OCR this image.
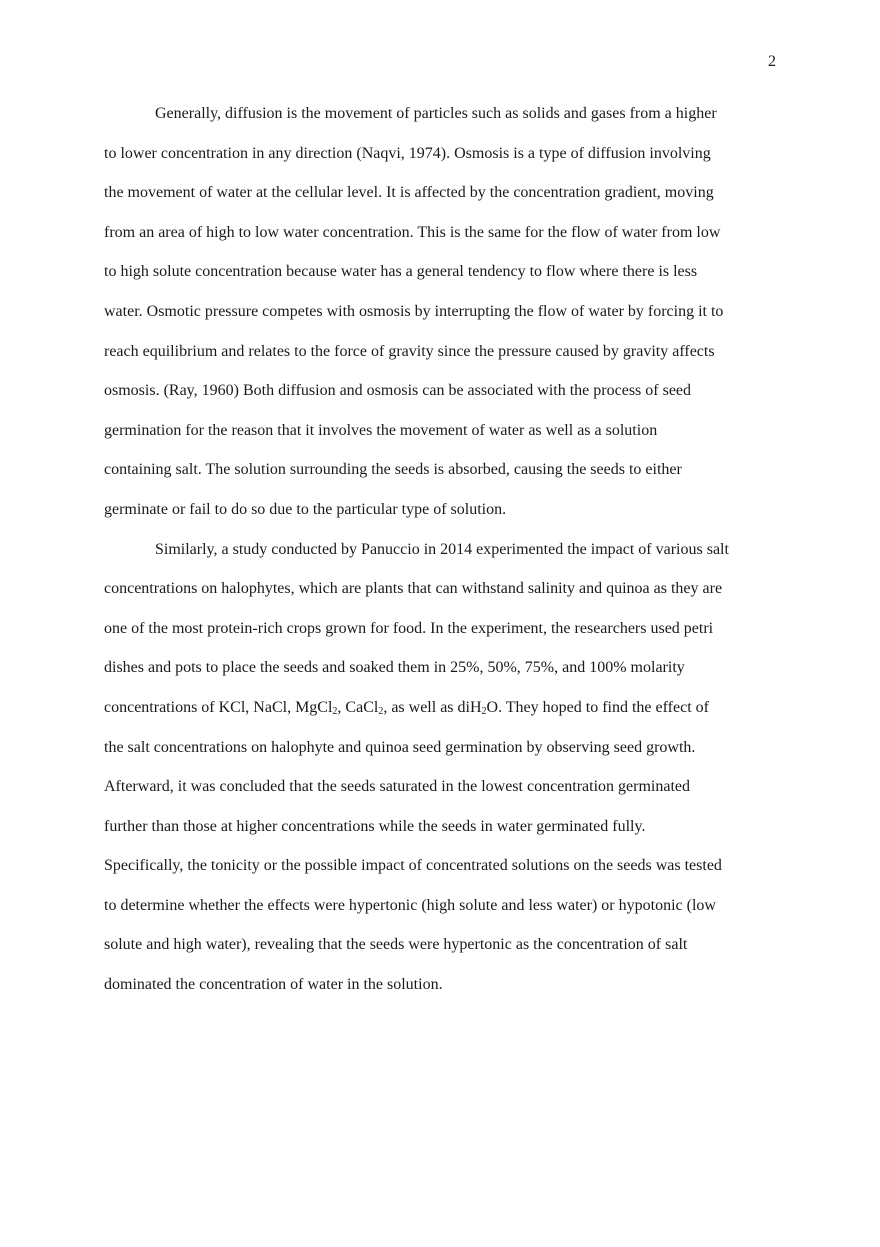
2
Generally, diffusion is the movement of particles such as solids and gases from a higher
to lower concentration in any direction (Naqvi, 1974). Osmosis is a type of diffusion involving
the movement of water at the cellular level. It is affected by the concentration gradient, moving
from an area of high to low water concentration. This is the same for the flow of water from low
to high solute concentration because water has a general tendency to flow where there is less
water. Osmotic pressure competes with osmosis by interrupting the flow of water by forcing it to
reach equilibrium and relates to the force of gravity since the pressure caused by gravity affects
osmosis. (Ray, 1960) Both diffusion and osmosis can be associated with the process of seed
germination for the reason that it involves the movement of water as well as a solution
containing salt. The solution surrounding the seeds is absorbed, causing the seeds to either
germinate or fail to do so due to the particular type of solution.
Similarly, a study conducted by Panuccio in 2014 experimented the impact of various salt
concentrations on halophytes, which are plants that can withstand salinity and quinoa as they are
one of the most protein-rich crops grown for food. In the experiment, the researchers used petri
dishes and pots to place the seeds and soaked them in 25%, 50%, 75%, and 100% molarity
concentrations of KCl, NaCl, MgCl$_2$, CaCl$_2$, as well as diH$_2$O. They hoped to find the effect of
the salt concentrations on halophyte and quinoa seed germination by observing seed growth.
Afterward, it was concluded that the seeds saturated in the lowest concentration germinated
further than those at higher concentrations while the seeds in water germinated fully.
Specifically, the tonicity or the possible impact of concentrated solutions on the seeds was tested
to determine whether the effects were hypertonic (high solute and less water) or hypotonic (low
solute and high water), revealing that the seeds were hypertonic as the concentration of salt
dominated the concentration of water in the solution.
